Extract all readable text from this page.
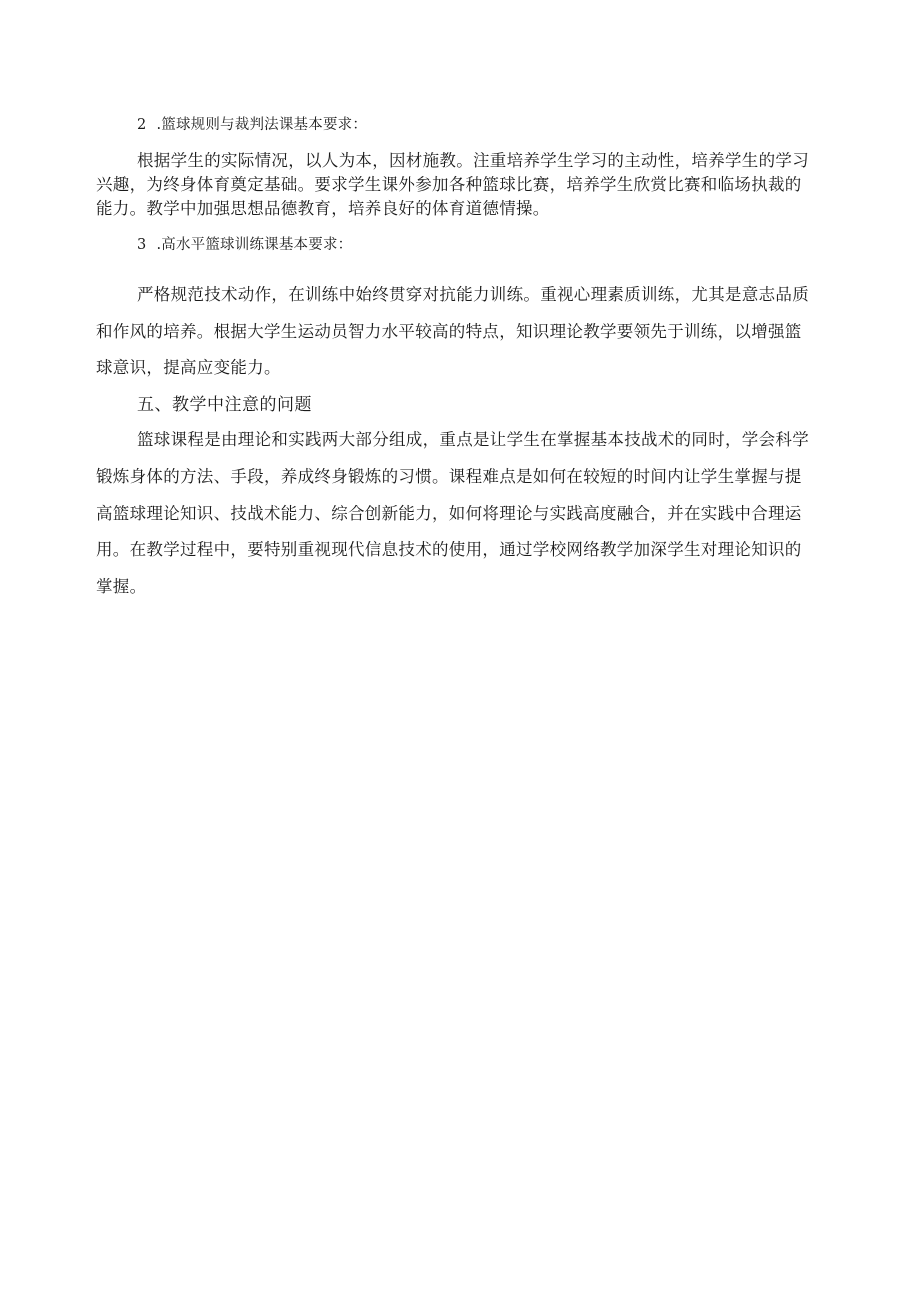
2 .篮球规则与裁判法课基本要求：
根据学生的实际情况，以人为本，因材施教。注重培养学生学习的主动性，培养学生的学习
兴趣，为终身体育奠定基础。要求学生课外参加各种篮球比赛，培养学生欣赏比赛和临场执裁的
能力。教学中加强思想品德教育，培养良好的体育道德情操。
3 .高水平篮球训练课基本要求：
严格规范技术动作，在训练中始终贯穿对抗能力训练。重视心理素质训练，尤其是意志品质
和作风的培养。根据大学生运动员智力水平较高的特点，知识理论教学要领先于训练，以增强篮
球意识，提高应变能力。
五、教学中注意的问题
篮球课程是由理论和实践两大部分组成，重点是让学生在掌握基本技战术的同时，学会科学
锻炼身体的方法、手段，养成终身锻炼的习惯。课程难点是如何在较短的时间内让学生掌握与提
高篮球理论知识、技战术能力、综合创新能力，如何将理论与实践高度融合，并在实践中合理运
用。在教学过程中，要特别重视现代信息技术的使用，通过学校网络教学加深学生对理论知识的
掌握。
